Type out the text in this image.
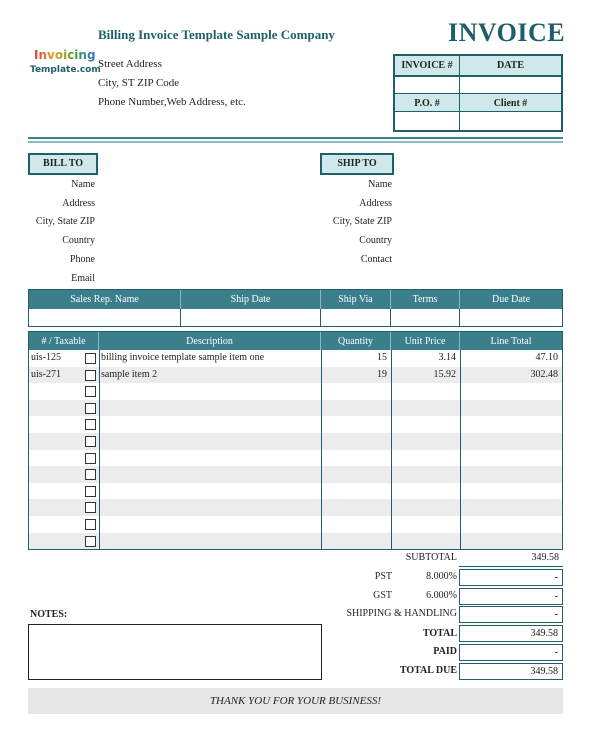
Invoicing
Template.com
Billing Invoice Template Sample Company
Street Address
City, ST ZIP Code
Phone Number,Web Address, etc.
INVOICE
INVOICE #	DATE
P.O. #	Client #
BILL TO
Name
Address
City, State ZIP
Country
Phone
Email
SHIP TO
Name
Address
City, State ZIP
Country
Contact
Sales Rep. Name	Ship Date	Ship Via	Terms	Due Date
# / Taxable	Description	Quantity	Unit Price	Line Total
uis-125	billing invoice template sample item one	15	3.14	47.10
uis-271	sample item 2	19	15.92	302.48
SUBTOTAL	349.58
PST	8.000%	-
GST	6.000%	-
SHIPPING & HANDLING	-
TOTAL	349.58
PAID	-
TOTAL DUE	349.58
NOTES:
THANK YOU FOR YOUR BUSINESS!
